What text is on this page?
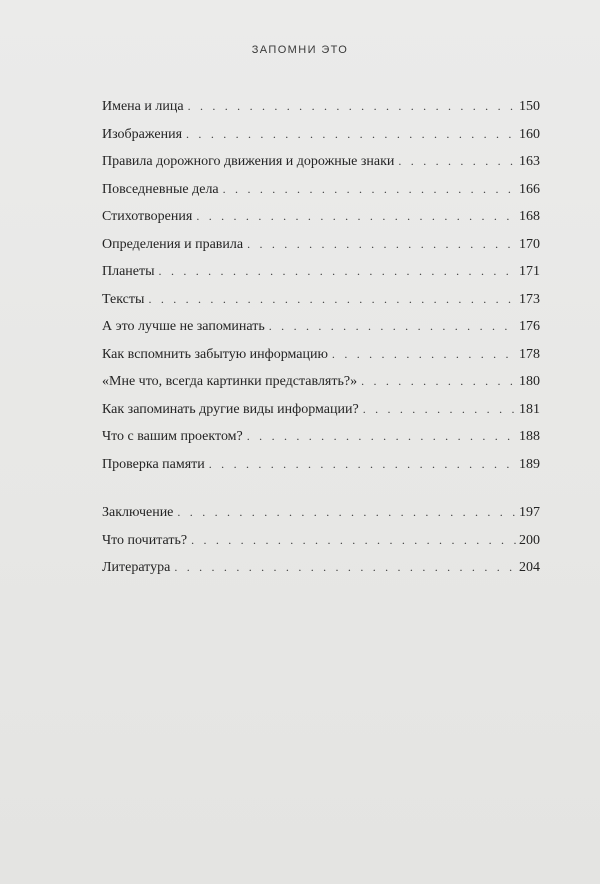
ЗАПОМНИ ЭТО
Имена и лица . . .	150
Изображения . . .	160
Правила дорожного движения и дорожные знаки . . .	163
Повседневные дела . . .	166
Стихотворения . . .	168
Определения и правила . . .	170
Планеты . . .	171
Тексты . . .	173
А это лучше не запоминать . . .	176
Как вспомнить забытую информацию . . .	178
«Мне что, всегда картинки представлять?» . . .	180
Как запоминать другие виды информации? . . .	181
Что с вашим проектом? . . .	188
Проверка памяти . . .	189
Заключение . . .	197
Что почитать? . . .	200
Литература . . .	204
